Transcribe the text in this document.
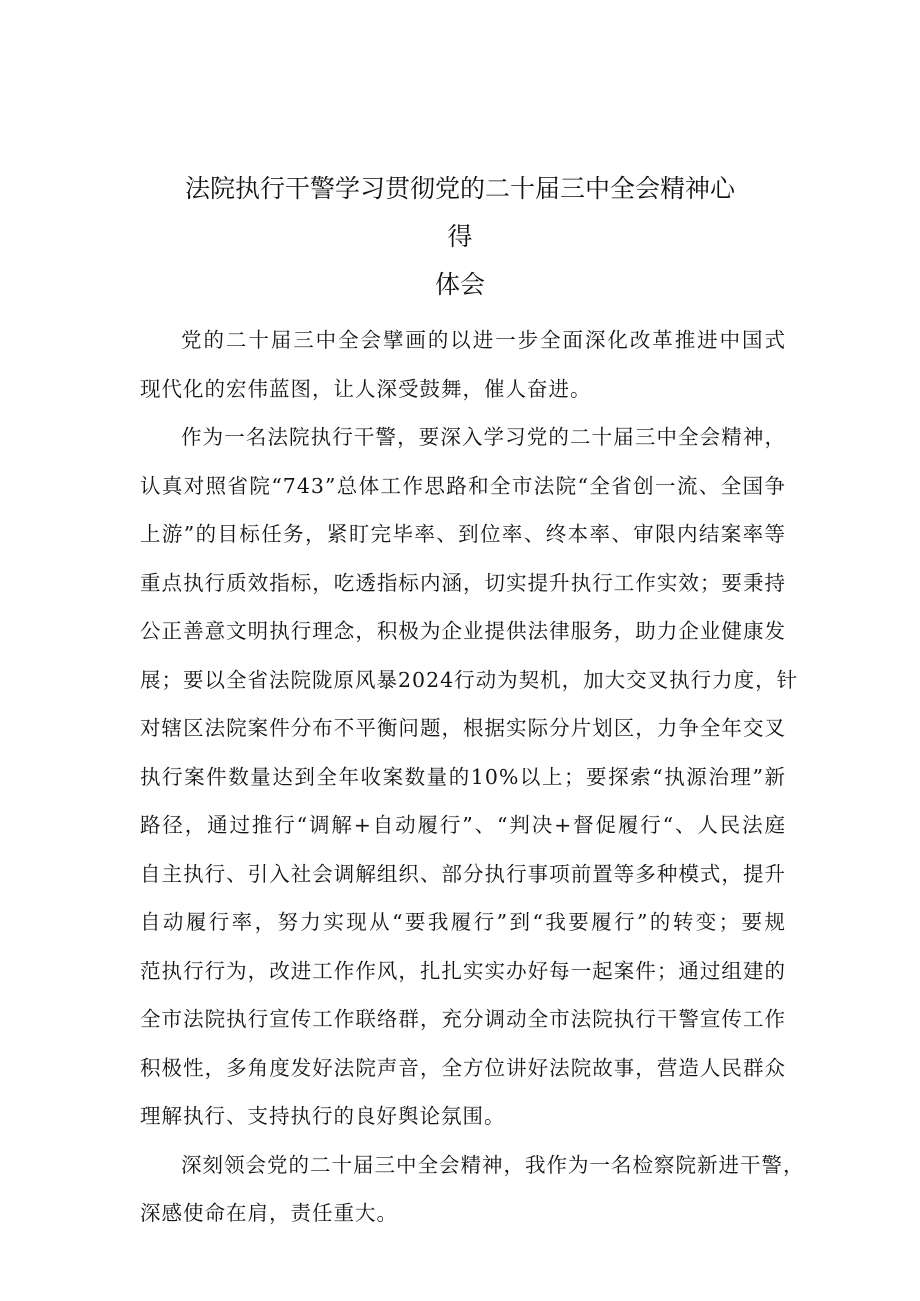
法院执行干警学习贯彻党的二十届三中全会精神心得
体会
党的二十届三中全会擘画的以进一步全面深化改革推进中国式
现代化的宏伟蓝图，让人深受鼓舞，催人奋进。
作为一名法院执行干警，要深入学习党的二十届三中全会精神，
认真对照省院“743”总体工作思路和全市法院“全省创一流、全国争
上游”的目标任务，紧盯完毕率、到位率、终本率、审限内结案率等
重点执行质效指标，吃透指标内涵，切实提升执行工作实效；要秉持
公正善意文明执行理念，积极为企业提供法律服务，助力企业健康发
展；要以全省法院陇原风暴2024行动为契机，加大交叉执行力度，针
对辖区法院案件分布不平衡问题，根据实际分片划区，力争全年交叉
执行案件数量达到全年收案数量的10%以上；要探索“执源治理”新
路径，通过推行“调解+自动履行”、“判决+督促履行“、人民法庭
自主执行、引入社会调解组织、部分执行事项前置等多种模式，提升
自动履行率，努力实现从“要我履行”到“我要履行”的转变；要规
范执行行为，改进工作作风，扎扎实实办好每一起案件；通过组建的
全市法院执行宣传工作联络群，充分调动全市法院执行干警宣传工作
积极性，多角度发好法院声音，全方位讲好法院故事，营造人民群众
理解执行、支持执行的良好舆论氛围。
深刻领会党的二十届三中全会精神，我作为一名检察院新进干警，
深感使命在肩，责任重大。
